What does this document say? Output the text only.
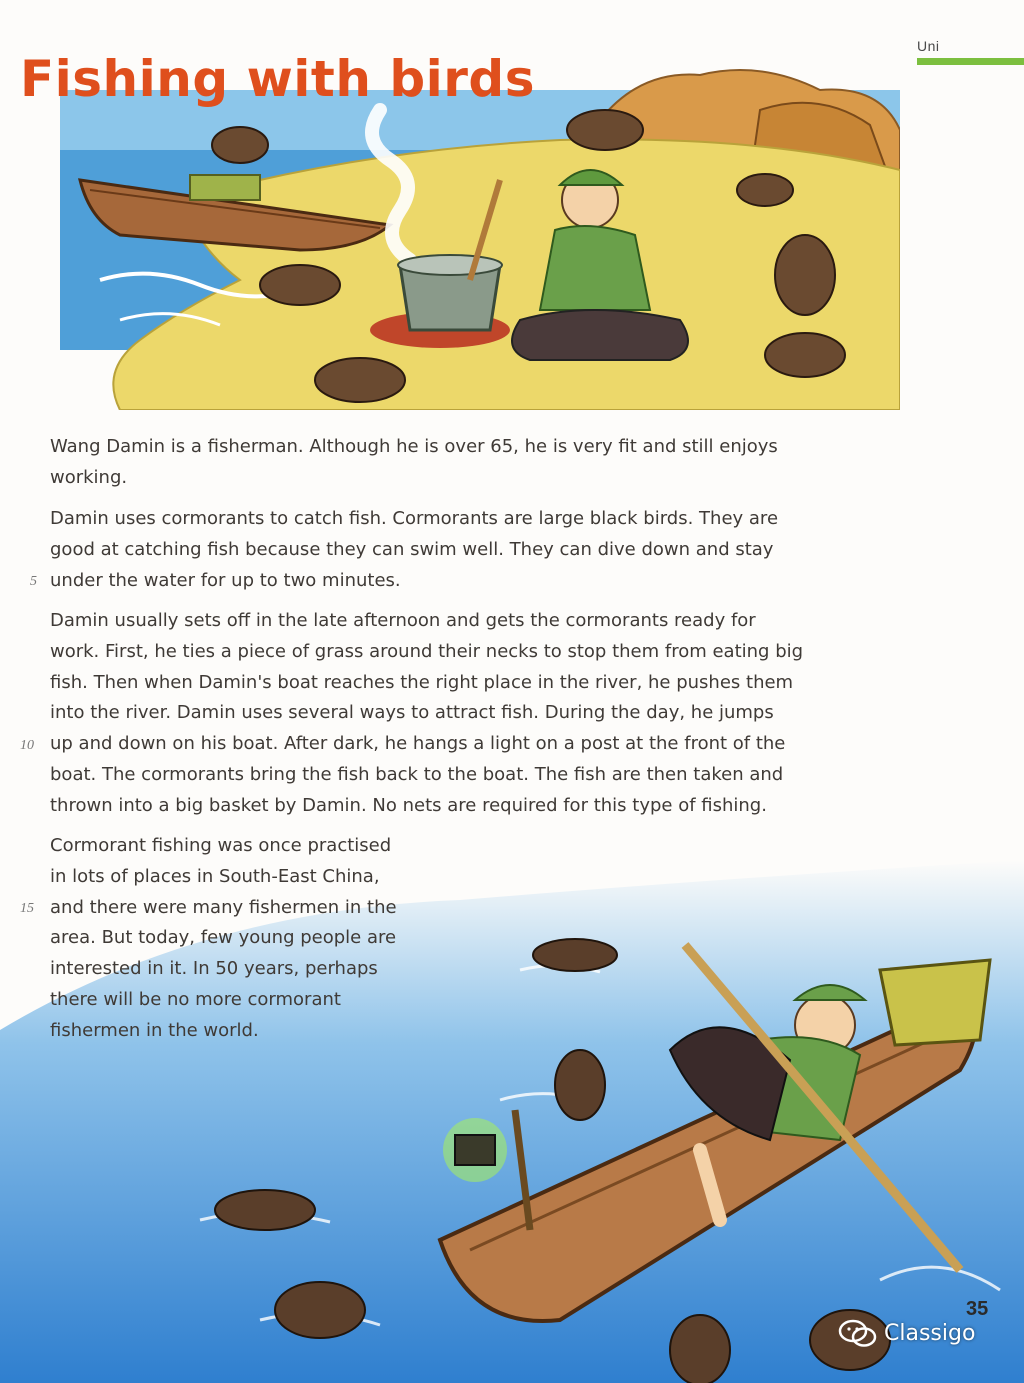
Uni
Fishing with birds
Wang Damin is a fisherman. Although he is over 65, he is very fit and still enjoys
working.
Damin uses cormorants to catch fish. Cormorants are large black birds. They are
good at catching fish because they can swim well. They can dive down and stay
under the water for up to two minutes.
Damin usually sets off in the late afternoon and gets the cormorants ready for
work. First, he ties a piece of grass around their necks to stop them from eating big
fish. Then when Damin's boat reaches the right place in the river, he pushes them
into the river. Damin uses several ways to attract fish. During the day, he jumps
up and down on his boat. After dark, he hangs a light on a post at the front of the
boat. The cormorants bring the fish back to the boat. The fish are then taken and
thrown into a big basket by Damin. No nets are required for this type of fishing.
Cormorant fishing was once practised
in lots of places in South-East China,
and there were many fishermen in the
area. But today, few young people are
interested in it. In 50 years, perhaps
there will be no more cormorant
fishermen in the world.
5
10
15
35
Classigo
